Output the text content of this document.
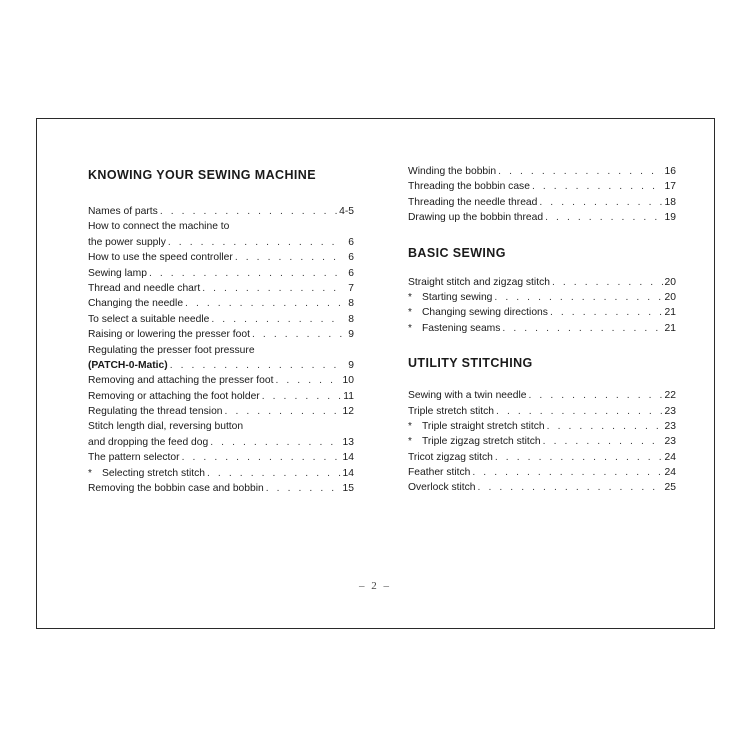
KNOWING YOUR SEWING MACHINE
Names of parts . . .	4-5
How to connect the machine to
the power supply . . .	6
How to use the speed controller . . .	6
Sewing lamp . . .	6
Thread and needle chart . . .	7
Changing the needle . . .	8
To select a suitable needle . . .	8
Raising or lowering the presser foot . . .	9
Regulating the presser foot pressure
(PATCH-0-Matic) . . .	9
Removing and attaching the presser foot . . .	10
Removing or attaching the foot holder . . .	11
Regulating the thread tension . . .	12
Stitch length dial, reversing button
and dropping the feed dog . . .	13
The pattern selector . . .	14
* Selecting stretch stitch . . .	14
Removing the bobbin case and bobbin . . .	15
Winding the bobbin . . .	16
Threading the bobbin case . . .	17
Threading the needle thread . . .	18
Drawing up the bobbin thread . . .	19
BASIC SEWING
Straight stitch and zigzag stitch . . .	20
* Starting sewing . . .	20
* Changing sewing directions . . .	21
* Fastening seams . . .	21
UTILITY STITCHING
Sewing with a twin needle . . .	22
Triple stretch stitch . . .	23
* Triple straight stretch stitch . . .	23
* Triple zigzag stretch stitch . . .	23
Tricot zigzag stitch . . .	24
Feather stitch . . .	24
Overlock stitch . . .	25
– 2 –
